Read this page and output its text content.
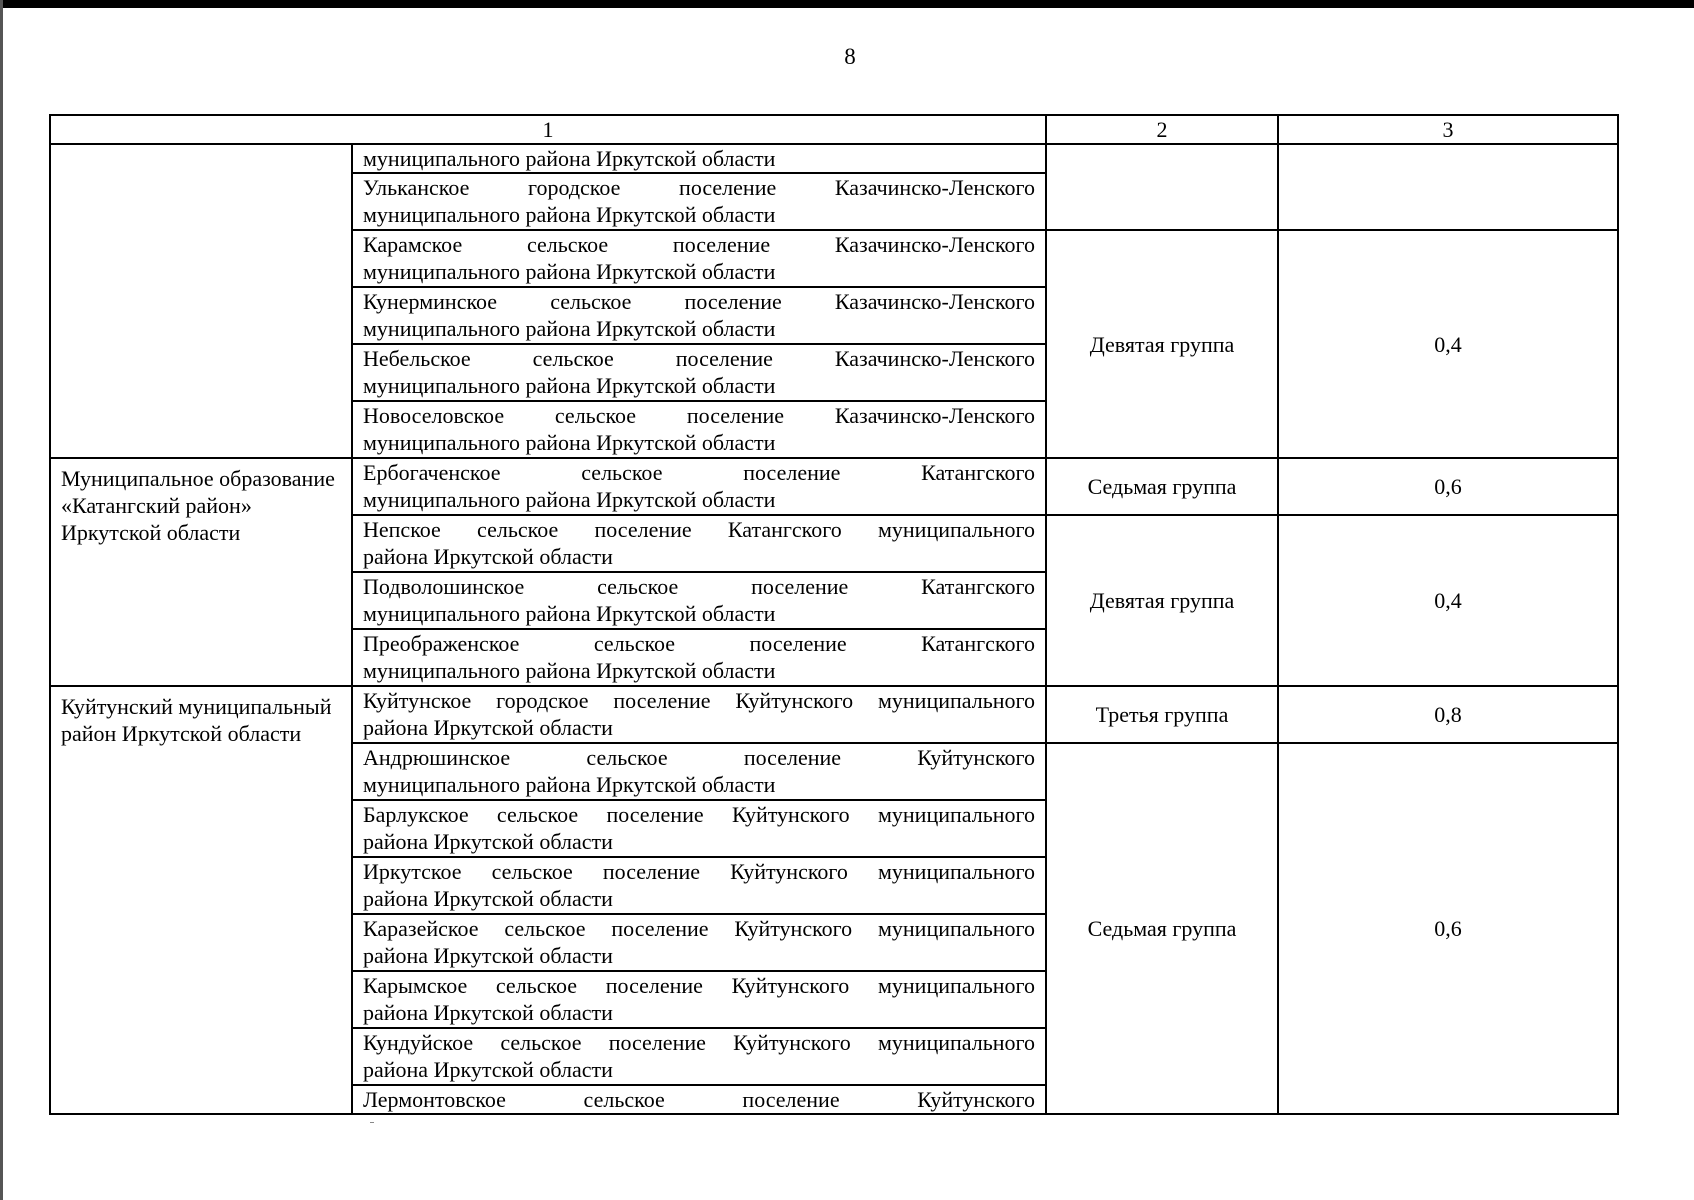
8
1		2	3
	муниципального района Иркутской области		
	Ульканское городское поселение Казачинско-Ленского
муниципального района Иркутской области		

	Карамское сельское поселение Казачинско-Ленского
муниципального района Иркутской области	Девятая группа	0,4
	Кунерминское сельское поселение Казачинско-Ленского
муниципального района Иркутской области		

	Небельское сельское поселение Казачинско-Ленского
муниципального района Иркутской области		

	Новоселовское сельское поселение Казачинско-Ленского
муниципального района Иркутской области		

Муниципальное образование «Катангский район» Иркутской области	Ербогаченское сельское поселение Катангского
муниципального района Иркутской области	Седьмая группа	0,6
	Непское сельское поселение Катангского муниципального
района Иркутской области	Девятая группа	0,4
	Подволошинское сельское поселение Катангского
муниципального района Иркутской области		

	Преображенское сельское поселение Катангского
муниципального района Иркутской области		

Куйтунский муниципальный район Иркутской области	Куйтунское городское поселение Куйтунского муниципального
района Иркутской области	Третья группа	0,8
	Андрюшинское сельское поселение Куйтунского
муниципального района Иркутской области	Седьмая группа	0,6
	Барлукское сельское поселение Куйтунского муниципального
района Иркутской области		

	Иркутское сельское поселение Куйтунского муниципального
района Иркутской области		

	Каразейское сельское поселение Куйтунского муниципального
района Иркутской области		

	Карымское сельское поселение Куйтунского муниципального
района Иркутской области		

	Кундуйское сельское поселение Куйтунского муниципального
района Иркутской области		

	Лермонтовское сельское поселение Куйтунского		
